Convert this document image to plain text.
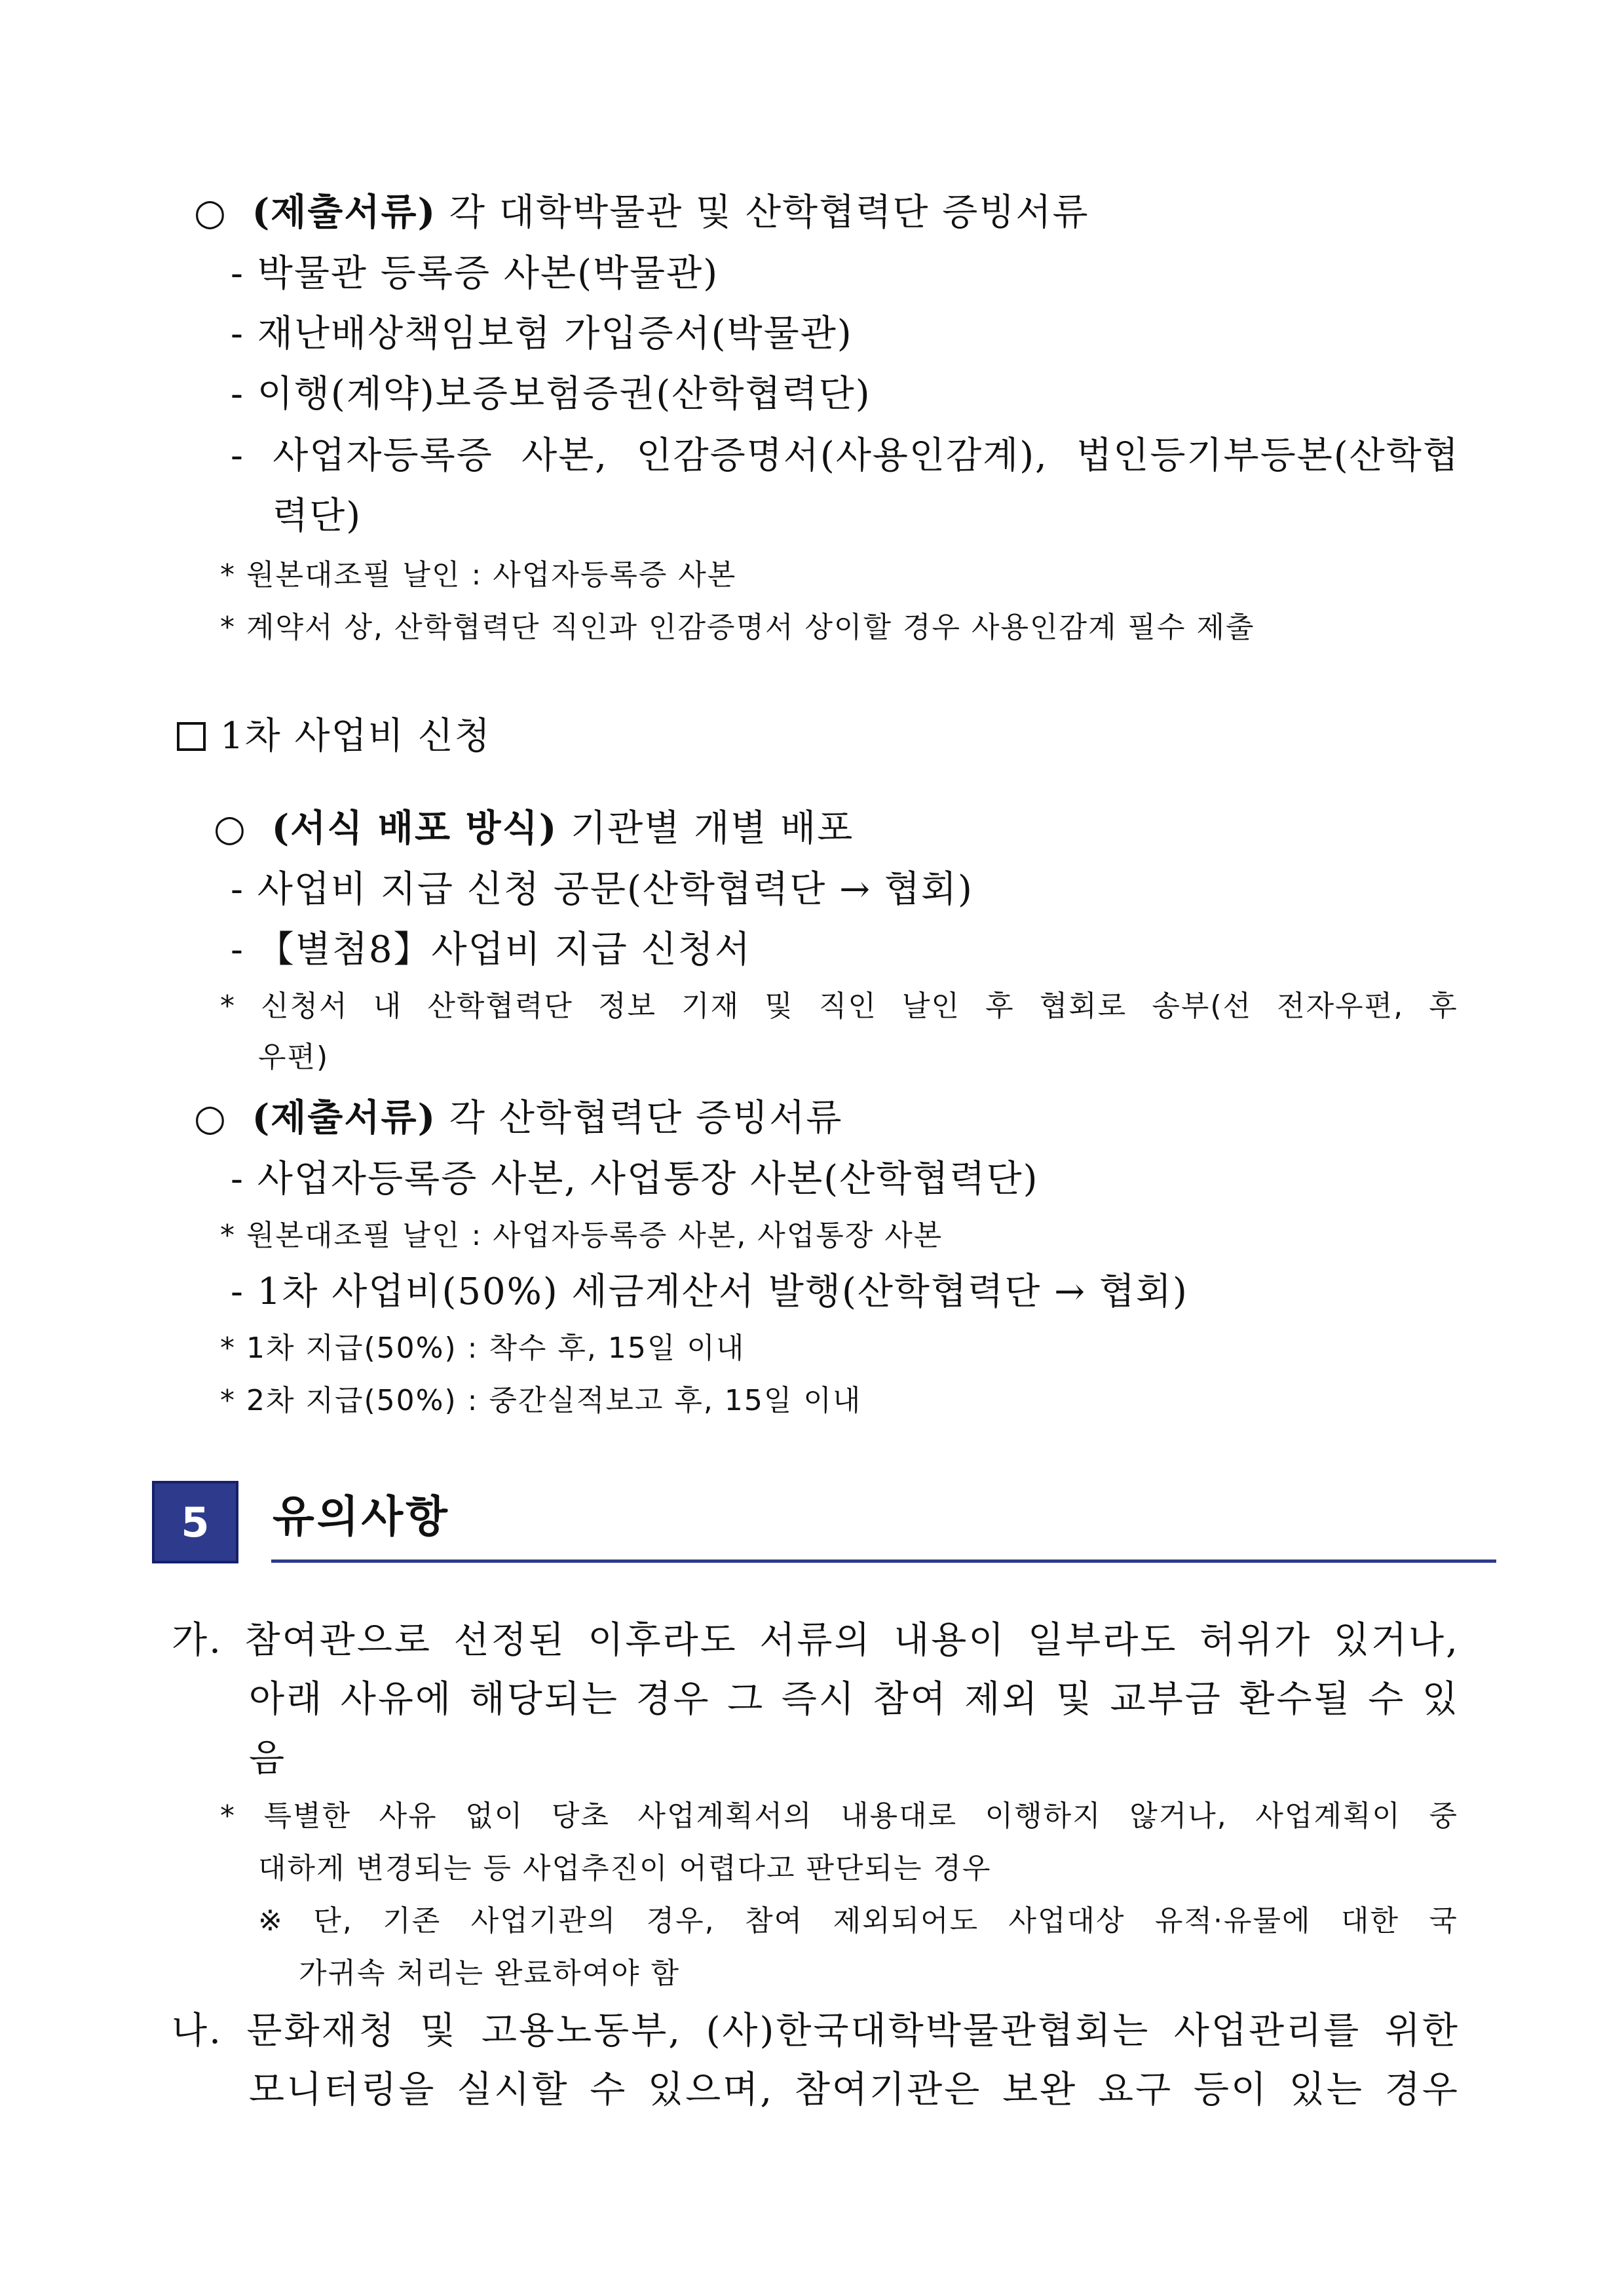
○ (제출서류) 각 대학박물관 및 산학협력단 증빙서류
- 박물관 등록증 사본(박물관)
- 재난배상책임보험 가입증서(박물관)
- 이행(계약)보증보험증권(산학협력단)
- 사업자등록증 사본, 인감증명서(사용인감계), 법인등기부등본(산학협
력단)
* 원본대조필 날인 : 사업자등록증 사본
* 계약서 상, 산학협력단 직인과 인감증명서 상이할 경우 사용인감계 필수 제출
1차 사업비 신청
○ (서식 배포 방식) 기관별 개별 배포
- 사업비 지급 신청 공문(산학협력단 → 협회)
- 【별첨8】사업비 지급 신청서
* 신청서 내 산학협력단 정보 기재 및 직인 날인 후 협회로 송부(선 전자우편, 후
우편)
○ (제출서류) 각 산학협력단 증빙서류
- 사업자등록증 사본, 사업통장 사본(산학협력단)
* 원본대조필 날인 : 사업자등록증 사본, 사업통장 사본
- 1차 사업비(50%) 세금계산서 발행(산학협력단 → 협회)
* 1차 지급(50%) : 착수 후, 15일 이내
* 2차 지급(50%) : 중간실적보고 후, 15일 이내
5	유의사항
가. 참여관으로 선정된 이후라도 서류의 내용이 일부라도 허위가 있거나,
아래 사유에 해당되는 경우 그 즉시 참여 제외 및 교부금 환수될 수 있
음
* 특별한 사유 없이 당초 사업계획서의 내용대로 이행하지 않거나, 사업계획이 중
대하게 변경되는 등 사업추진이 어렵다고 판단되는 경우
※ 단, 기존 사업기관의 경우, 참여 제외되어도 사업대상 유적·유물에 대한 국
가귀속 처리는 완료하여야 함
나. 문화재청 및 고용노동부, (사)한국대학박물관협회는 사업관리를 위한
모니터링을 실시할 수 있으며, 참여기관은 보완 요구 등이 있는 경우
